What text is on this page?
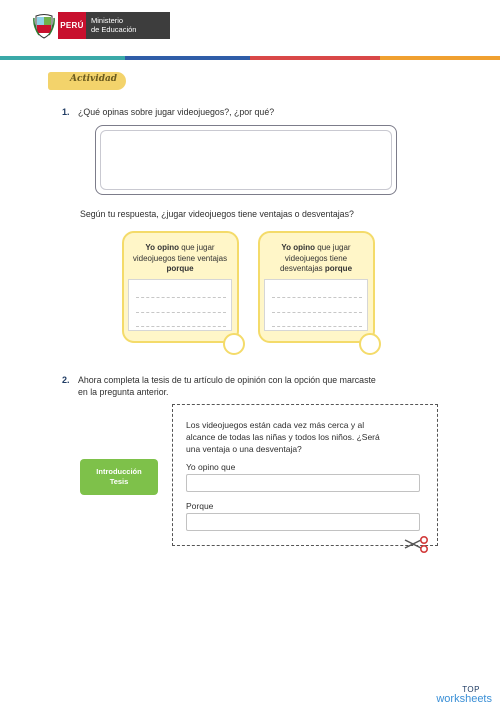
PERÚ
Ministerio
de Educación
Actividad
1. ¿Qué opinas sobre jugar videojuegos?, ¿por qué?
Según tu respuesta, ¿jugar videojuegos tiene ventajas o desventajas?
Yo opino que jugar videojuegos tiene ventajas porque
Yo opino que jugar videojuegos tiene desventajas porque
2. Ahora completa la tesis de tu artículo de opinión con la opción que marcaste
en la pregunta anterior.
Introducción
Tesis
Los videojuegos están cada vez más cerca y al
alcance de todas las niñas y todos los niños. ¿Será
una ventaja o una desventaja?
Yo opino que
Porque
TOP
worksheets
